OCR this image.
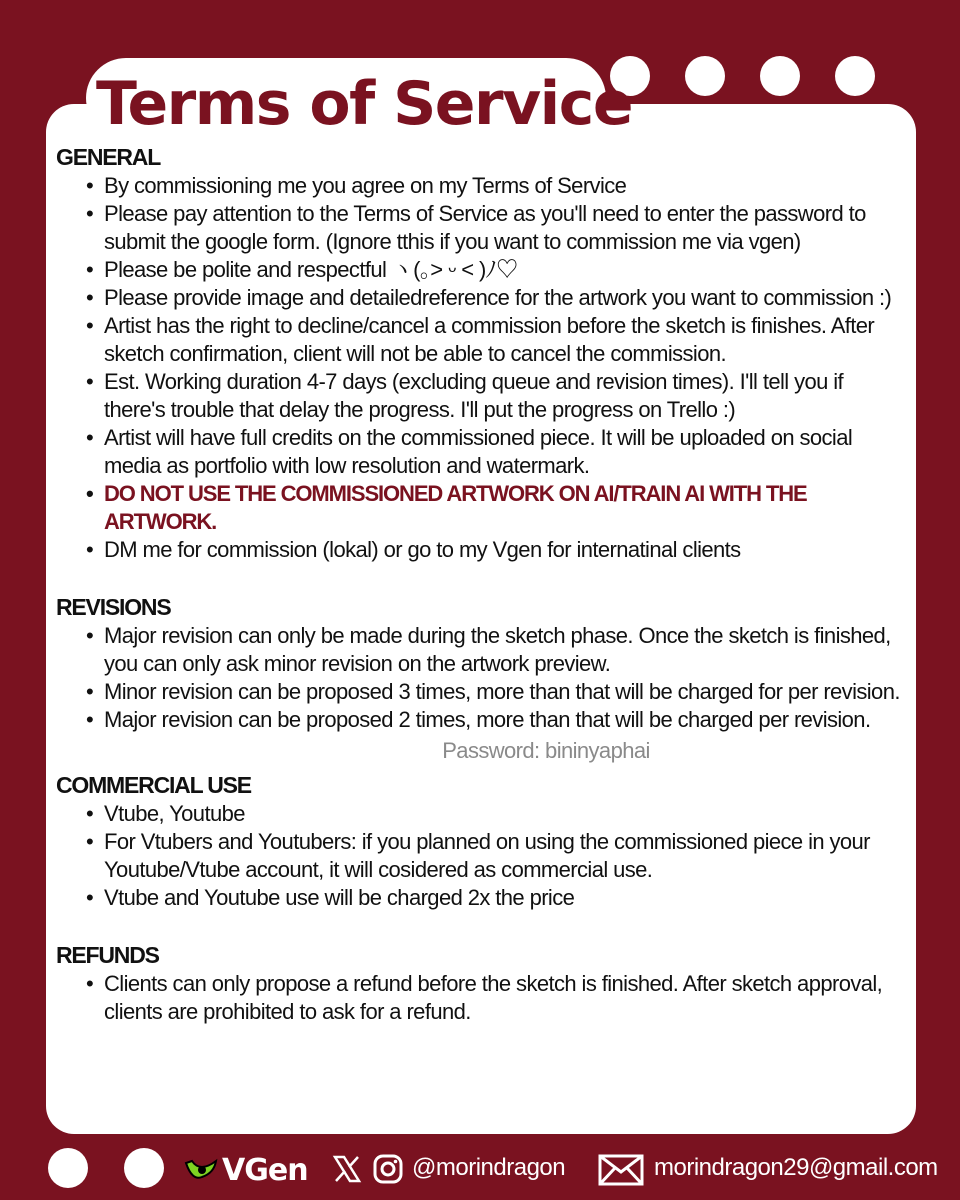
Terms of Service
GENERAL
• By commissioning me you agree on my Terms of Service
• Please pay attention to the Terms of Service as you'll need to enter the password to submit the google form. (Ignore tthis if you want to commission me via vgen)
• Please be polite and respectful ヽ(｡˃ ᵕ ˂ )ﾉ♡
• Please provide image and detailedreference for the artwork you want to commission :)
• Artist has the right to decline/cancel a commission before the sketch is finishes. After sketch confirmation, client will not be able to cancel the commission.
• Est. Working duration 4-7 days (excluding queue and revision times). I'll tell you if there's trouble that delay the progress. I'll put the progress on Trello :)
• Artist will have full credits on the commissioned piece. It will be uploaded on social media as portfolio with low resolution and watermark.
• DO NOT USE THE COMMISSIONED ARTWORK ON AI/TRAIN AI WITH THE ARTWORK.
• DM me for commission (lokal) or go to my Vgen for internatinal clients
REVISIONS
• Major revision can only be made during the sketch phase. Once the sketch is finished, you can only ask minor revision on the artwork preview.
• Minor revision can be proposed 3 times, more than that will be charged for per revision.
• Major revision can be proposed 2 times, more than that will be charged per revision.
Password: bininyaphai
COMMERCIAL USE
• Vtube, Youtube
• For Vtubers and Youtubers: if you planned on using the commissioned piece in your Youtube/Vtube account, it will cosidered as commercial use.
• Vtube and Youtube use will be charged 2x the price
REFUNDS
• Clients can only propose a refund before the sketch is finished. After sketch approval, clients are prohibited to ask for a refund.
VGen	@morindragon	morindragon29@gmail.com
